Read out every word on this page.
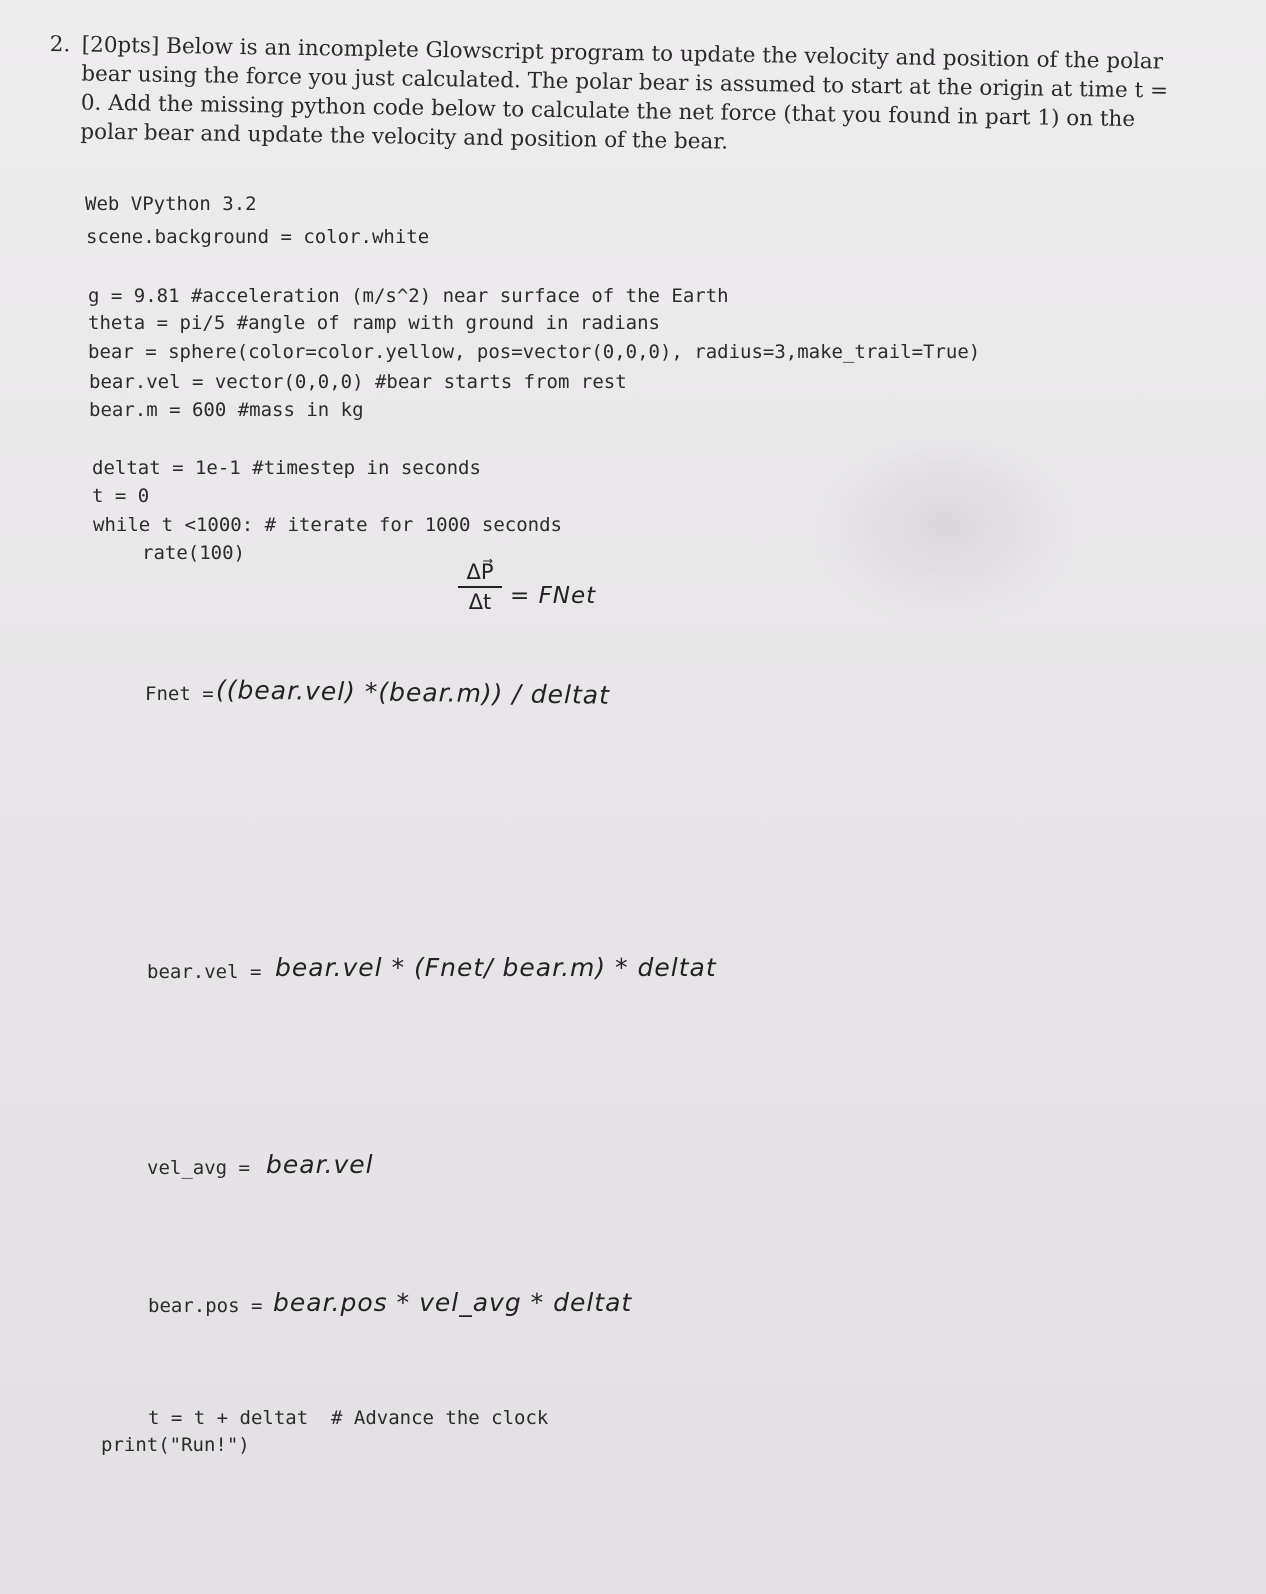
2. [20pts] Below is an incomplete Glowscript program to update the velocity and position of the polar bear using the force you just calculated. The polar bear is assumed to start at the origin at time t = 0. Add the missing python code below to calculate the net force (that you found in part 1) on the polar bear and update the velocity and position of the bear.
Web VPython 3.2
scene.background = color.white
g = 9.81 #acceleration (m/s^2) near surface of the Earth
theta = pi/5 #angle of ramp with ground in radians
bear = sphere(color=color.yellow, pos=vector(0,0,0), radius=3,make_trail=True)
bear.vel = vector(0,0,0) #bear starts from rest
bear.m = 600 #mass in kg
deltat = 1e-1 #timestep in seconds
t = 0
while t <1000: # iterate for 1000 seconds
rate(100)
$\frac{\Delta P⃗}{\Delta t}$ = FNet
Fnet = ((bear.vel) *(bear.m)) / deltat
bear.vel = bear.vel * (Fnet/ bear.m) * deltat
vel_avg = bear.vel
bear.pos = bear.pos * vel_avg * deltat
t = t + deltat  # Advance the clock
print("Run!")
